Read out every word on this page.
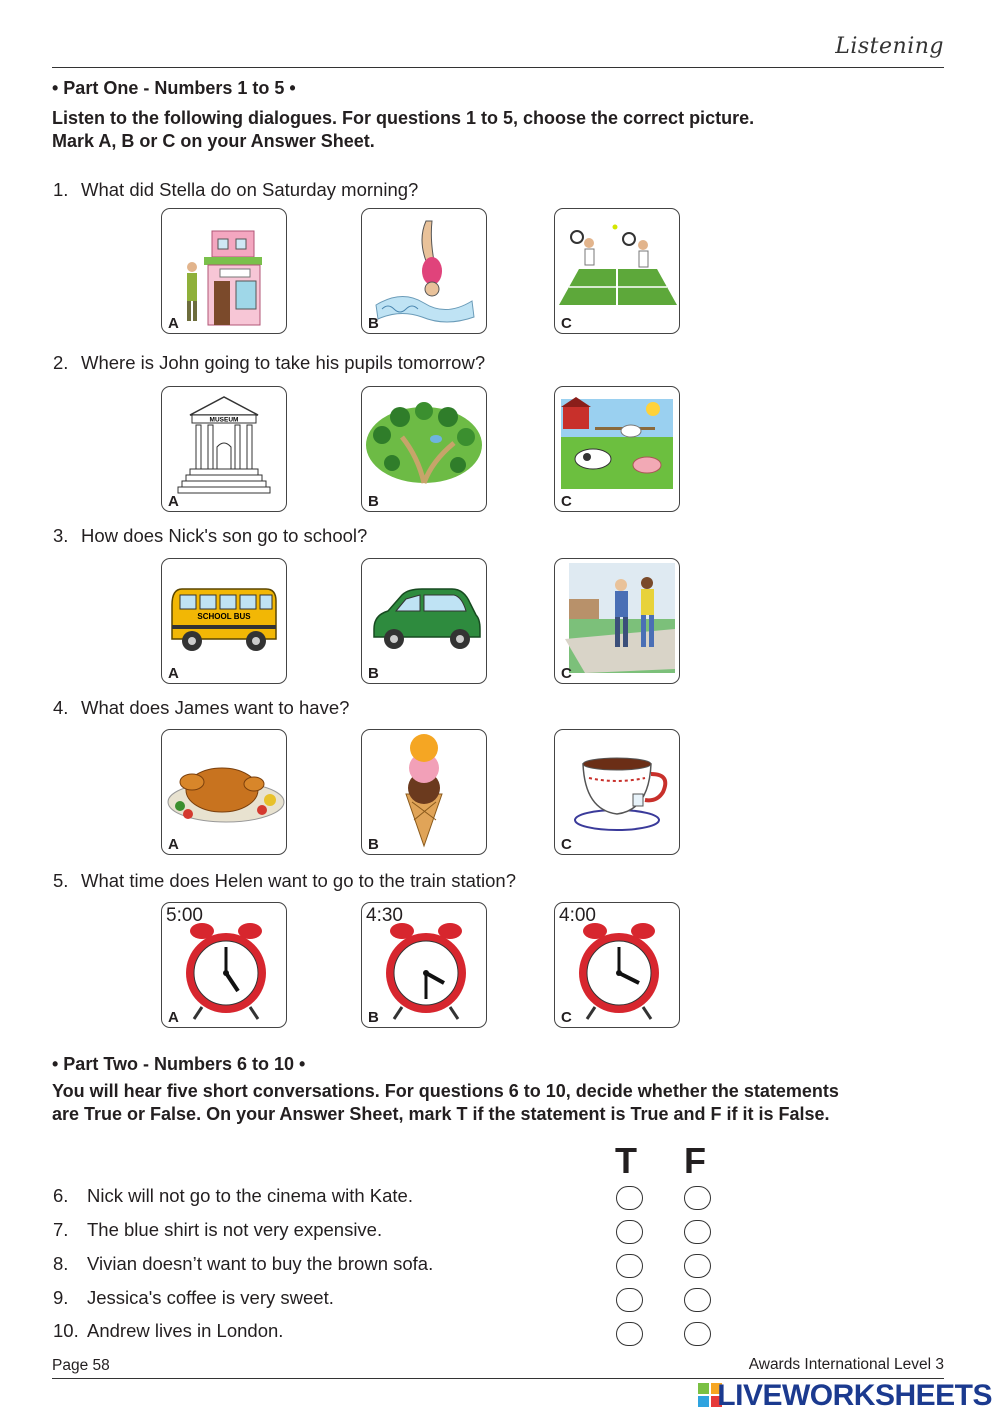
Listening
• Part One - Numbers 1 to 5 •
Listen to the following dialogues. For questions 1 to 5, choose the correct picture.
Mark A, B or C on your Answer Sheet.
1. What did Stella do on Saturday morning?
A	B	C
2. Where is John going to take his pupils tomorrow?
MUSEUM
A	B	C
3. How does Nick's son go to school?
SCHOOL BUS
A	B	C
4. What does James want to have?
A	B	C
5. What time does Helen want to go to the train station?
5:00
A
4:30
B
4:00
C
• Part Two - Numbers 6 to 10 •
You will hear five short conversations. For questions 6 to 10, decide whether the statements
are True or False. On your Answer Sheet, mark T if the statement is True and F if it is False.
T F
6. Nick will not go to the cinema with Kate.
7. The blue shirt is not very expensive.
8. Vivian doesn’t want to buy the brown sofa.
9. Jessica's coffee is very sweet.
10. Andrew lives in London.
Page 58	Awards International Level 3
LIVEWORKSHEETS
